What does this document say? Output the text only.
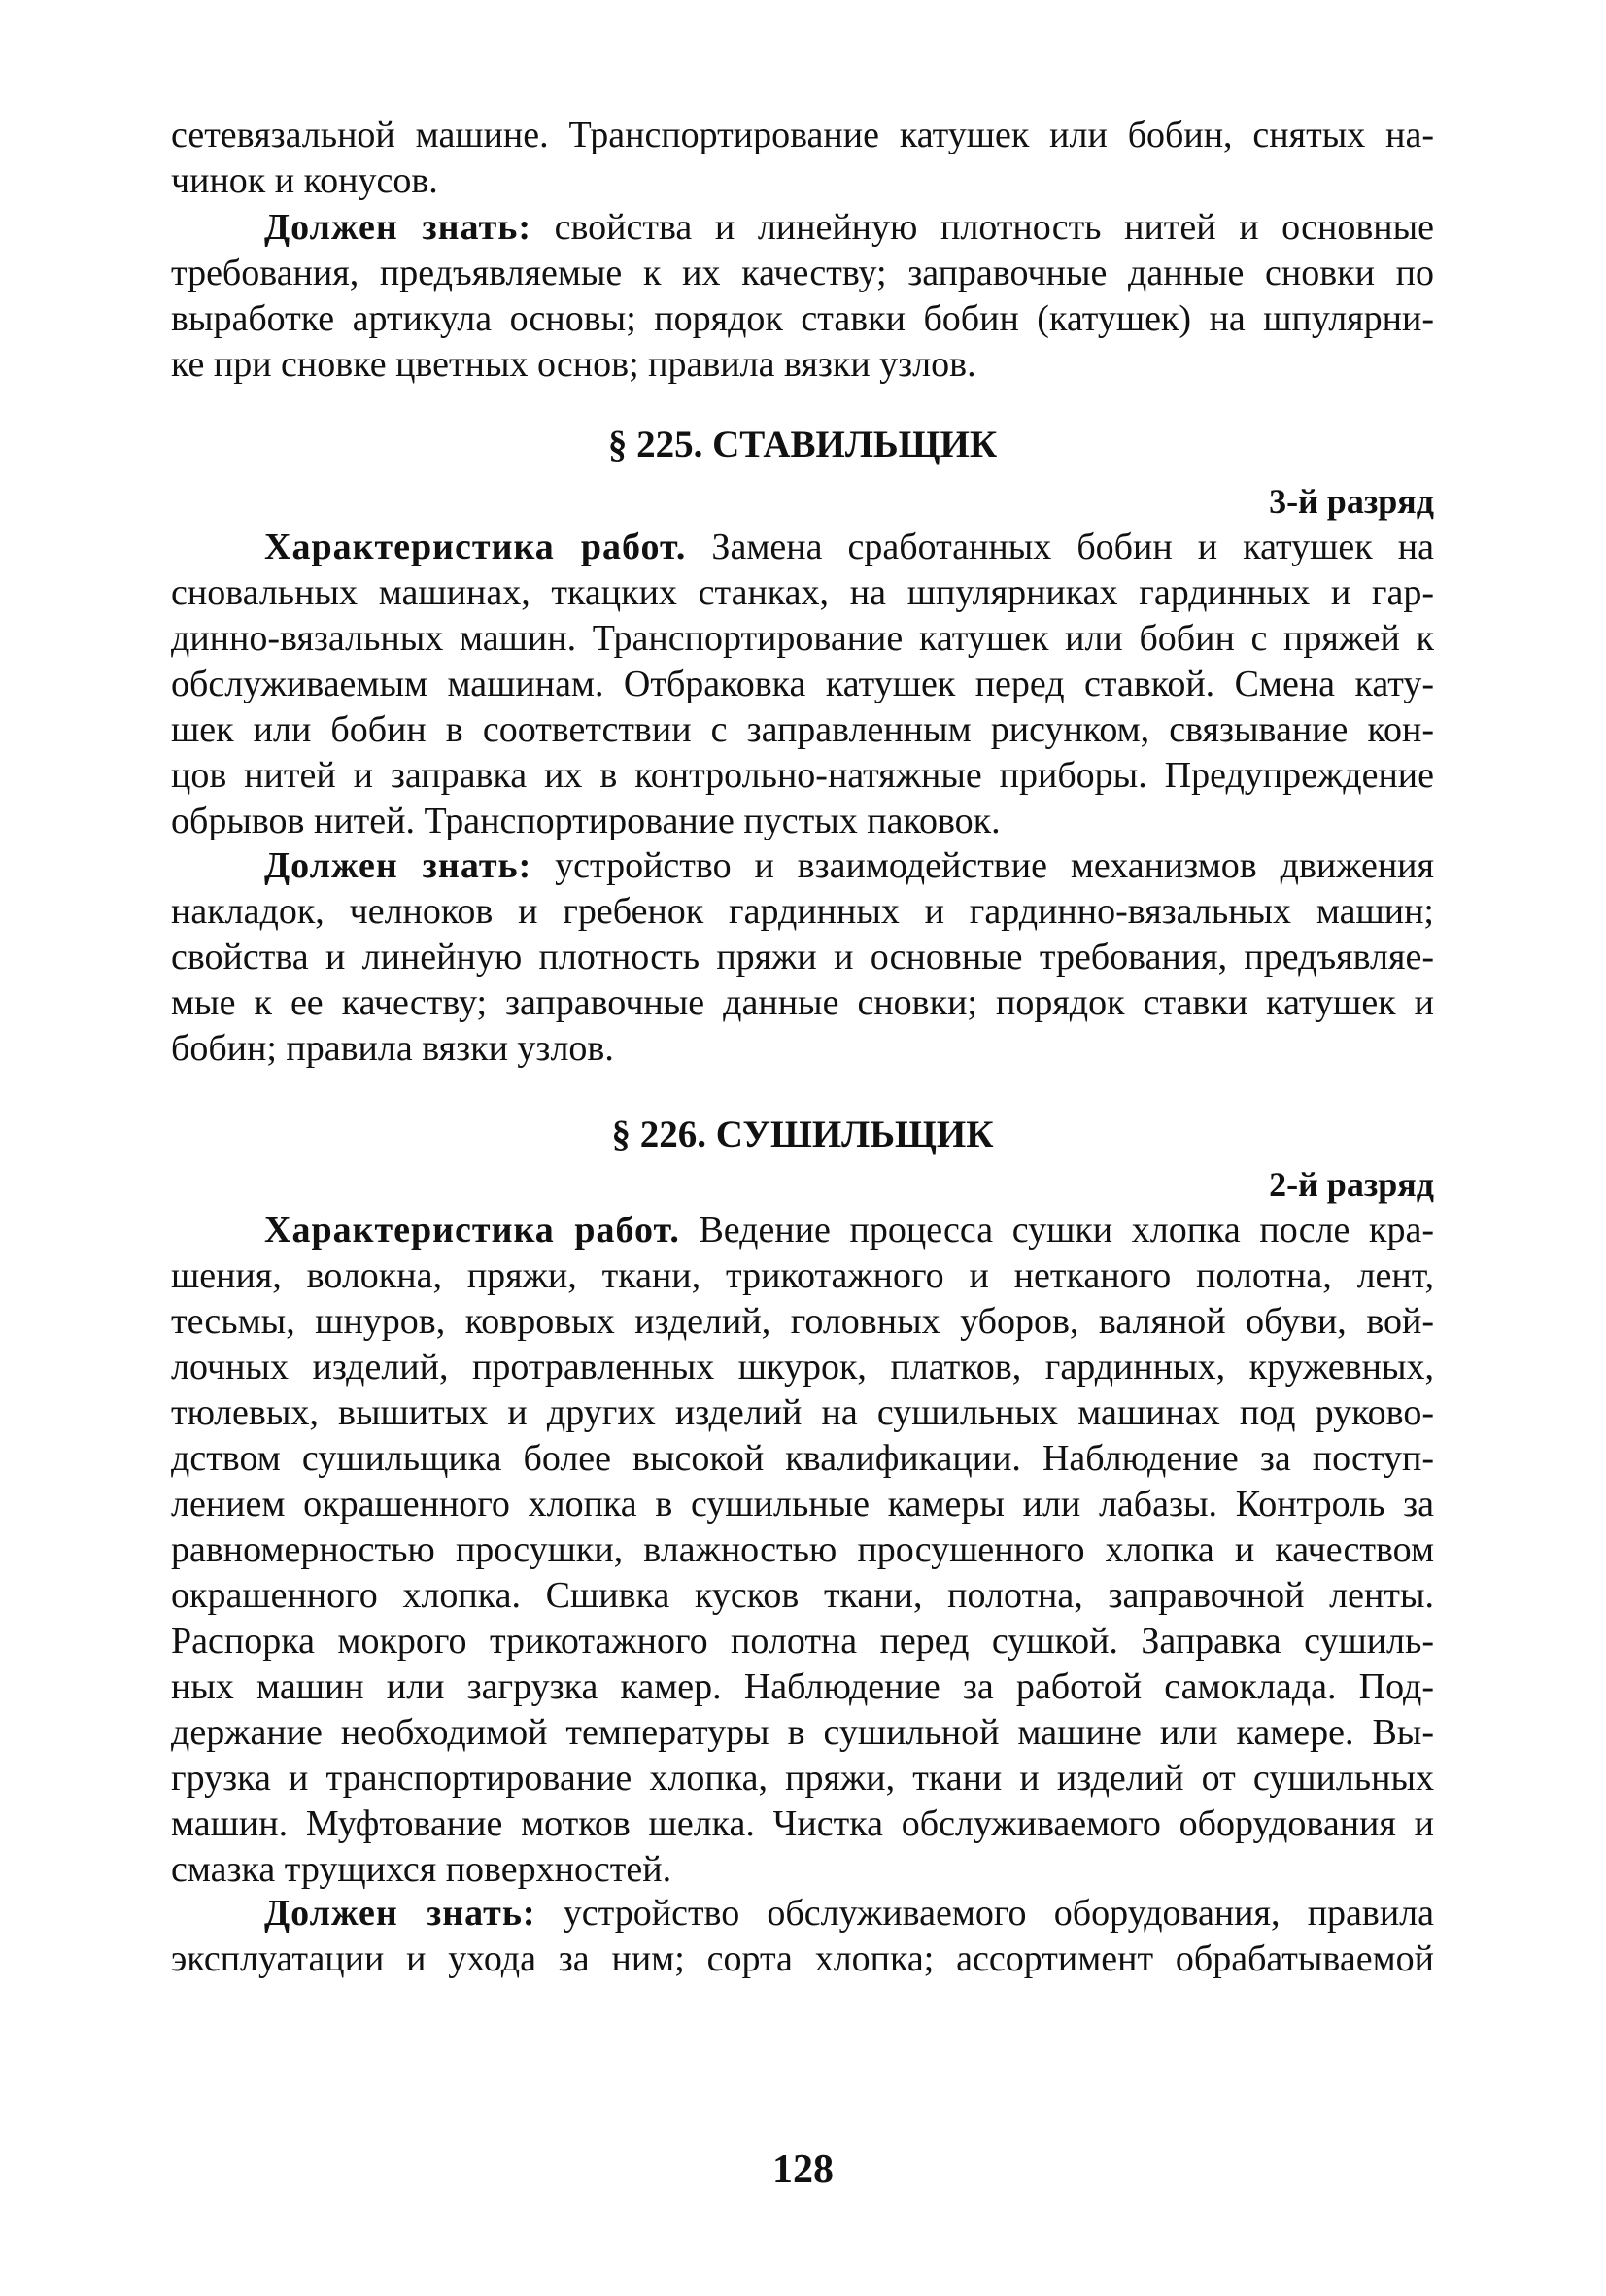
сетевязальной машине. Транспортирование катушек или бобин, снятых на-
чинок и конусов.
Должен знать: свойства и линейную плотность нитей и основные
требования, предъявляемые к их качеству; заправочные данные сновки по
выработке артикула основы; порядок ставки бобин (катушек) на шпулярни-
ке при сновке цветных основ; правила вязки узлов.
§ 225. СТАВИЛЬЩИК
3-й разряд
Характеристика работ. Замена сработанных бобин и катушек на
сновальных машинах, ткацких станках, на шпулярниках гардинных и гар-
динно-вязальных машин. Транспортирование катушек или бобин с пряжей к
обслуживаемым машинам. Отбраковка катушек перед ставкой. Смена кату-
шек или бобин в соответствии с заправленным рисунком, связывание кон-
цов нитей и заправка их в контрольно-натяжные приборы. Предупреждение
обрывов нитей. Транспортирование пустых паковок.
Должен знать: устройство и взаимодействие механизмов движения
накладок, челноков и гребенок гардинных и гардинно-вязальных машин;
свойства и линейную плотность пряжи и основные требования, предъявляе-
мые к ее качеству; заправочные данные сновки; порядок ставки катушек и
бобин; правила вязки узлов.
§ 226. СУШИЛЬЩИК
2-й разряд
Характеристика работ. Ведение процесса сушки хлопка после кра-
шения, волокна, пряжи, ткани, трикотажного и нетканого полотна, лент,
тесьмы, шнуров, ковровых изделий, головных уборов, валяной обуви, вой-
лочных изделий, протравленных шкурок, платков, гардинных, кружевных,
тюлевых, вышитых и других изделий на сушильных машинах под руково-
дством сушильщика более высокой квалификации. Наблюдение за поступ-
лением окрашенного хлопка в сушильные камеры или лабазы. Контроль за
равномерностью просушки, влажностью просушенного хлопка и качеством
окрашенного хлопка. Сшивка кусков ткани, полотна, заправочной ленты.
Распорка мокрого трикотажного полотна перед сушкой. Заправка сушиль-
ных машин или загрузка камер. Наблюдение за работой самоклада. Под-
держание необходимой температуры в сушильной машине или камере. Вы-
грузка и транспортирование хлопка, пряжи, ткани и изделий от сушильных
машин. Муфтование мотков шелка. Чистка обслуживаемого оборудования и
смазка трущихся поверхностей.
Должен знать: устройство обслуживаемого оборудования, правила
эксплуатации и ухода за ним; сорта хлопка; ассортимент обрабатываемой
128
